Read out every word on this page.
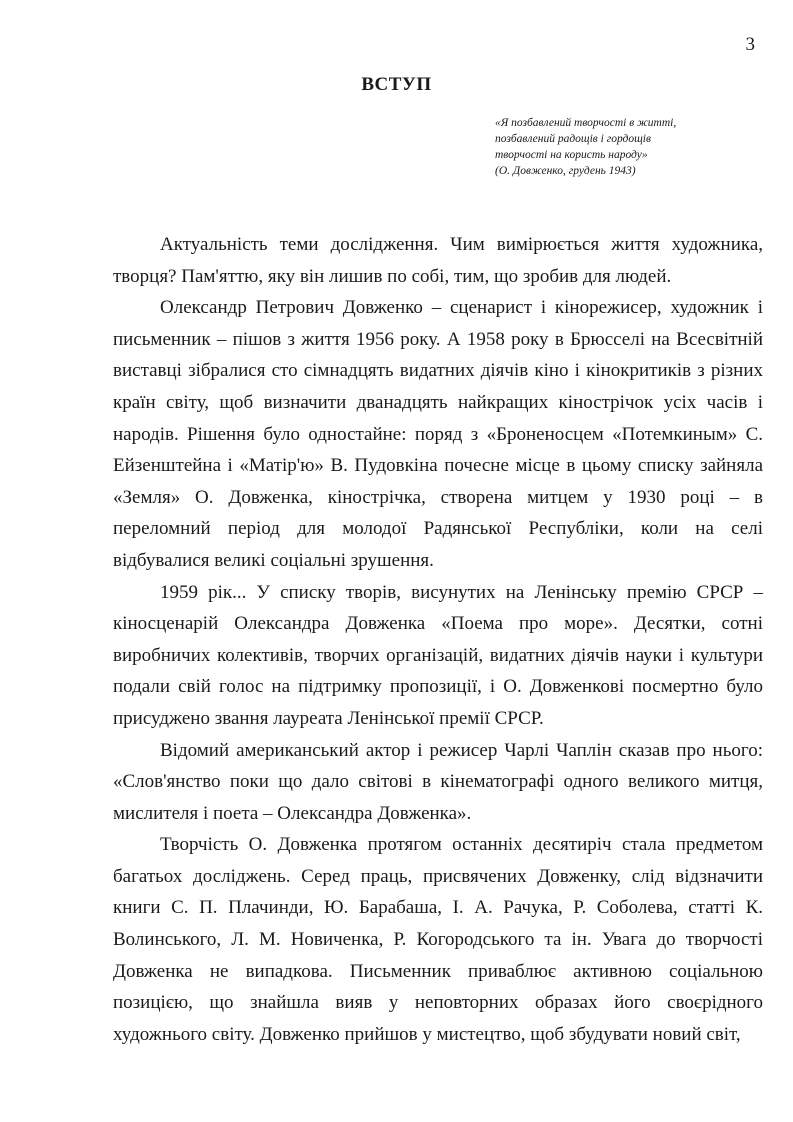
3
ВСТУП
«Я позбавлений творчості в житті,
позбавлений радощів і гордощів
творчості на користь народу»
(О. Довженко, грудень 1943)

Актуальність теми дослідження. Чим вимірюється життя художника, творця? Пам'яттю, яку він лишив по собі, тим, що зробив для людей.

Олександр Петрович Довженко – сценарист і кінорежисер, художник і письменник – пішов з життя 1956 року. А 1958 року в Брюсселі на Всесвітній виставці зібралися сто сімнадцять видатних діячів кіно і кінокритиків з різних країн світу, щоб визначити дванадцять найкращих кінострічок усіх часів і народів. Рішення було одностайне: поряд з «Броненосцем «Потемкиным» С. Ейзенштейна і «Матір'ю» В. Пудовкіна почесне місце в цьому списку зайняла «Земля» О. Довженка, кінострічка, створена митцем у 1930 році – в переломний період для молодої Радянської Республіки, коли на селі відбувалися великі соціальні зрушення.

1959 рік... У списку творів, висунутих на Ленінську премію СРСР – кіносценарій Олександра Довженка «Поема про море». Десятки, сотні виробничих колективів, творчих організацій, видатних діячів науки і культури подали свій голос на підтримку пропозиції, і О. Довженкові посмертно було присуджено звання лауреата Ленінської премії СРСР.

Відомий американський актор і режисер Чарлі Чаплін сказав про нього: «Слов'янство поки що дало світові в кінематографі одного великого митця, мислителя і поета – Олександра Довженка».

Творчість О. Довженка протягом останніх десятиріч стала предметом багатьох досліджень. Серед праць, присвячених Довженку, слід відзначити книги С. П. Плачинди, Ю. Барабаша, І. А. Рачука, Р. Соболева, статті К. Волинського, Л. М. Новиченка, Р. Когородського та ін. Увага до творчості Довженка не випадкова. Письменник приваблює активною соціальною позицією, що знайшла вияв у неповторних образах його своєрідного художнього світу. Довженко прийшов у мистецтво, щоб збудувати новий світ,
